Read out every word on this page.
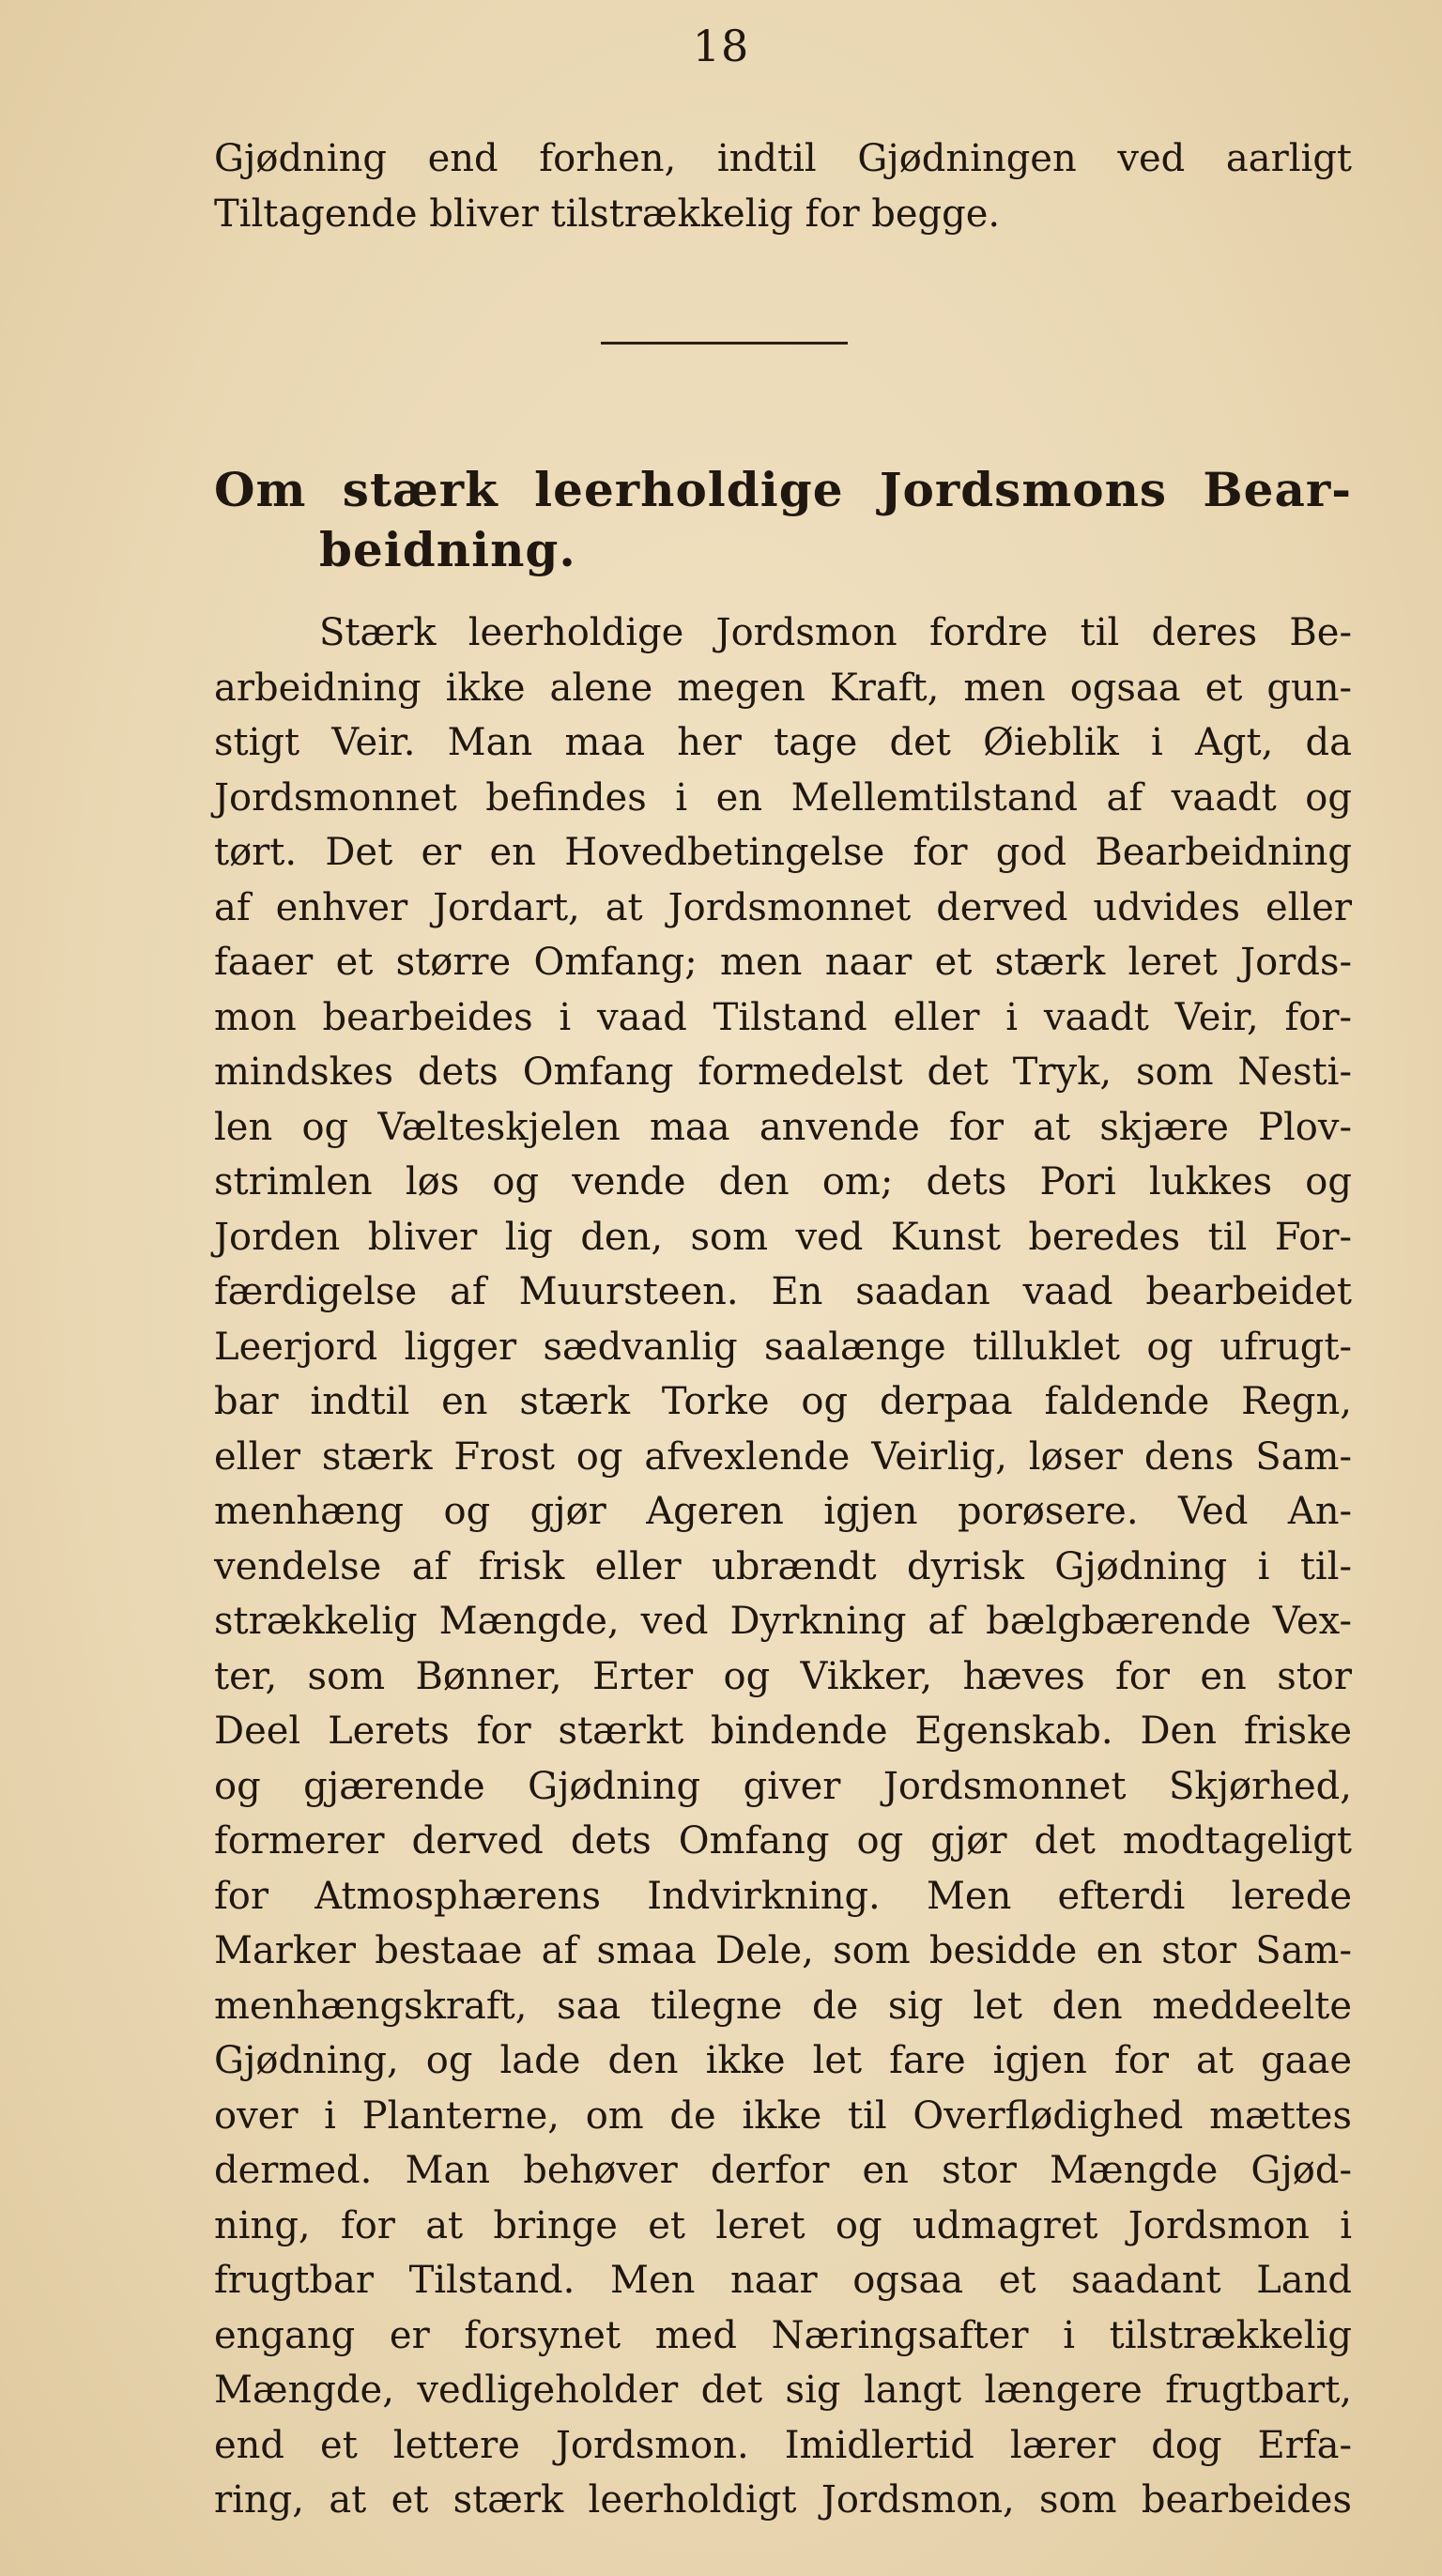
18
Gjødning end forhen, indtil Gjødningen ved aarligt
Tiltagende bliver tilstrækkelig for begge.
Om stærk leerholdige Jordsmons Bear-
beidning.
Stærk leerholdige Jordsmon fordre til deres Be-
arbeidning ikke alene megen Kraft, men ogsaa et gun-
stigt Veir. Man maa her tage det Øieblik i Agt, da
Jordsmonnet befindes i en Mellemtilstand af vaadt og
tørt. Det er en Hovedbetingelse for god Bearbeidning
af enhver Jordart, at Jordsmonnet derved udvides eller
faaer et større Omfang; men naar et stærk leret Jords-
mon bearbeides i vaad Tilstand eller i vaadt Veir, for-
mindskes dets Omfang formedelst det Tryk, som Nesti-
len og Vælteskjelen maa anvende for at skjære Plov-
strimlen løs og vende den om; dets Pori lukkes og
Jorden bliver lig den, som ved Kunst beredes til For-
færdigelse af Muursteen. En saadan vaad bearbeidet
Leerjord ligger sædvanlig saalænge tilluklet og ufrugt-
bar indtil en stærk Torke og derpaa faldende Regn,
eller stærk Frost og afvexlende Veirlig, løser dens Sam-
menhæng og gjør Ageren igjen porøsere. Ved An-
vendelse af frisk eller ubrændt dyrisk Gjødning i til-
strækkelig Mængde, ved Dyrkning af bælgbærende Vex-
ter, som Bønner, Erter og Vikker, hæves for en stor
Deel Lerets for stærkt bindende Egenskab. Den friske
og gjærende Gjødning giver Jordsmonnet Skjørhed,
formerer derved dets Omfang og gjør det modtageligt
for Atmosphærens Indvirkning. Men efterdi lerede
Marker bestaae af smaa Dele, som besidde en stor Sam-
menhængskraft, saa tilegne de sig let den meddeelte
Gjødning, og lade den ikke let fare igjen for at gaae
over i Planterne, om de ikke til Overflødighed mættes
dermed. Man behøver derfor en stor Mængde Gjød-
ning, for at bringe et leret og udmagret Jordsmon i
frugtbar Tilstand. Men naar ogsaa et saadant Land
engang er forsynet med Næringsafter i tilstrækkelig
Mængde, vedligeholder det sig langt længere frugtbart,
end et lettere Jordsmon. Imidlertid lærer dog Erfa-
ring, at et stærk leerholdigt Jordsmon, som bearbeides
